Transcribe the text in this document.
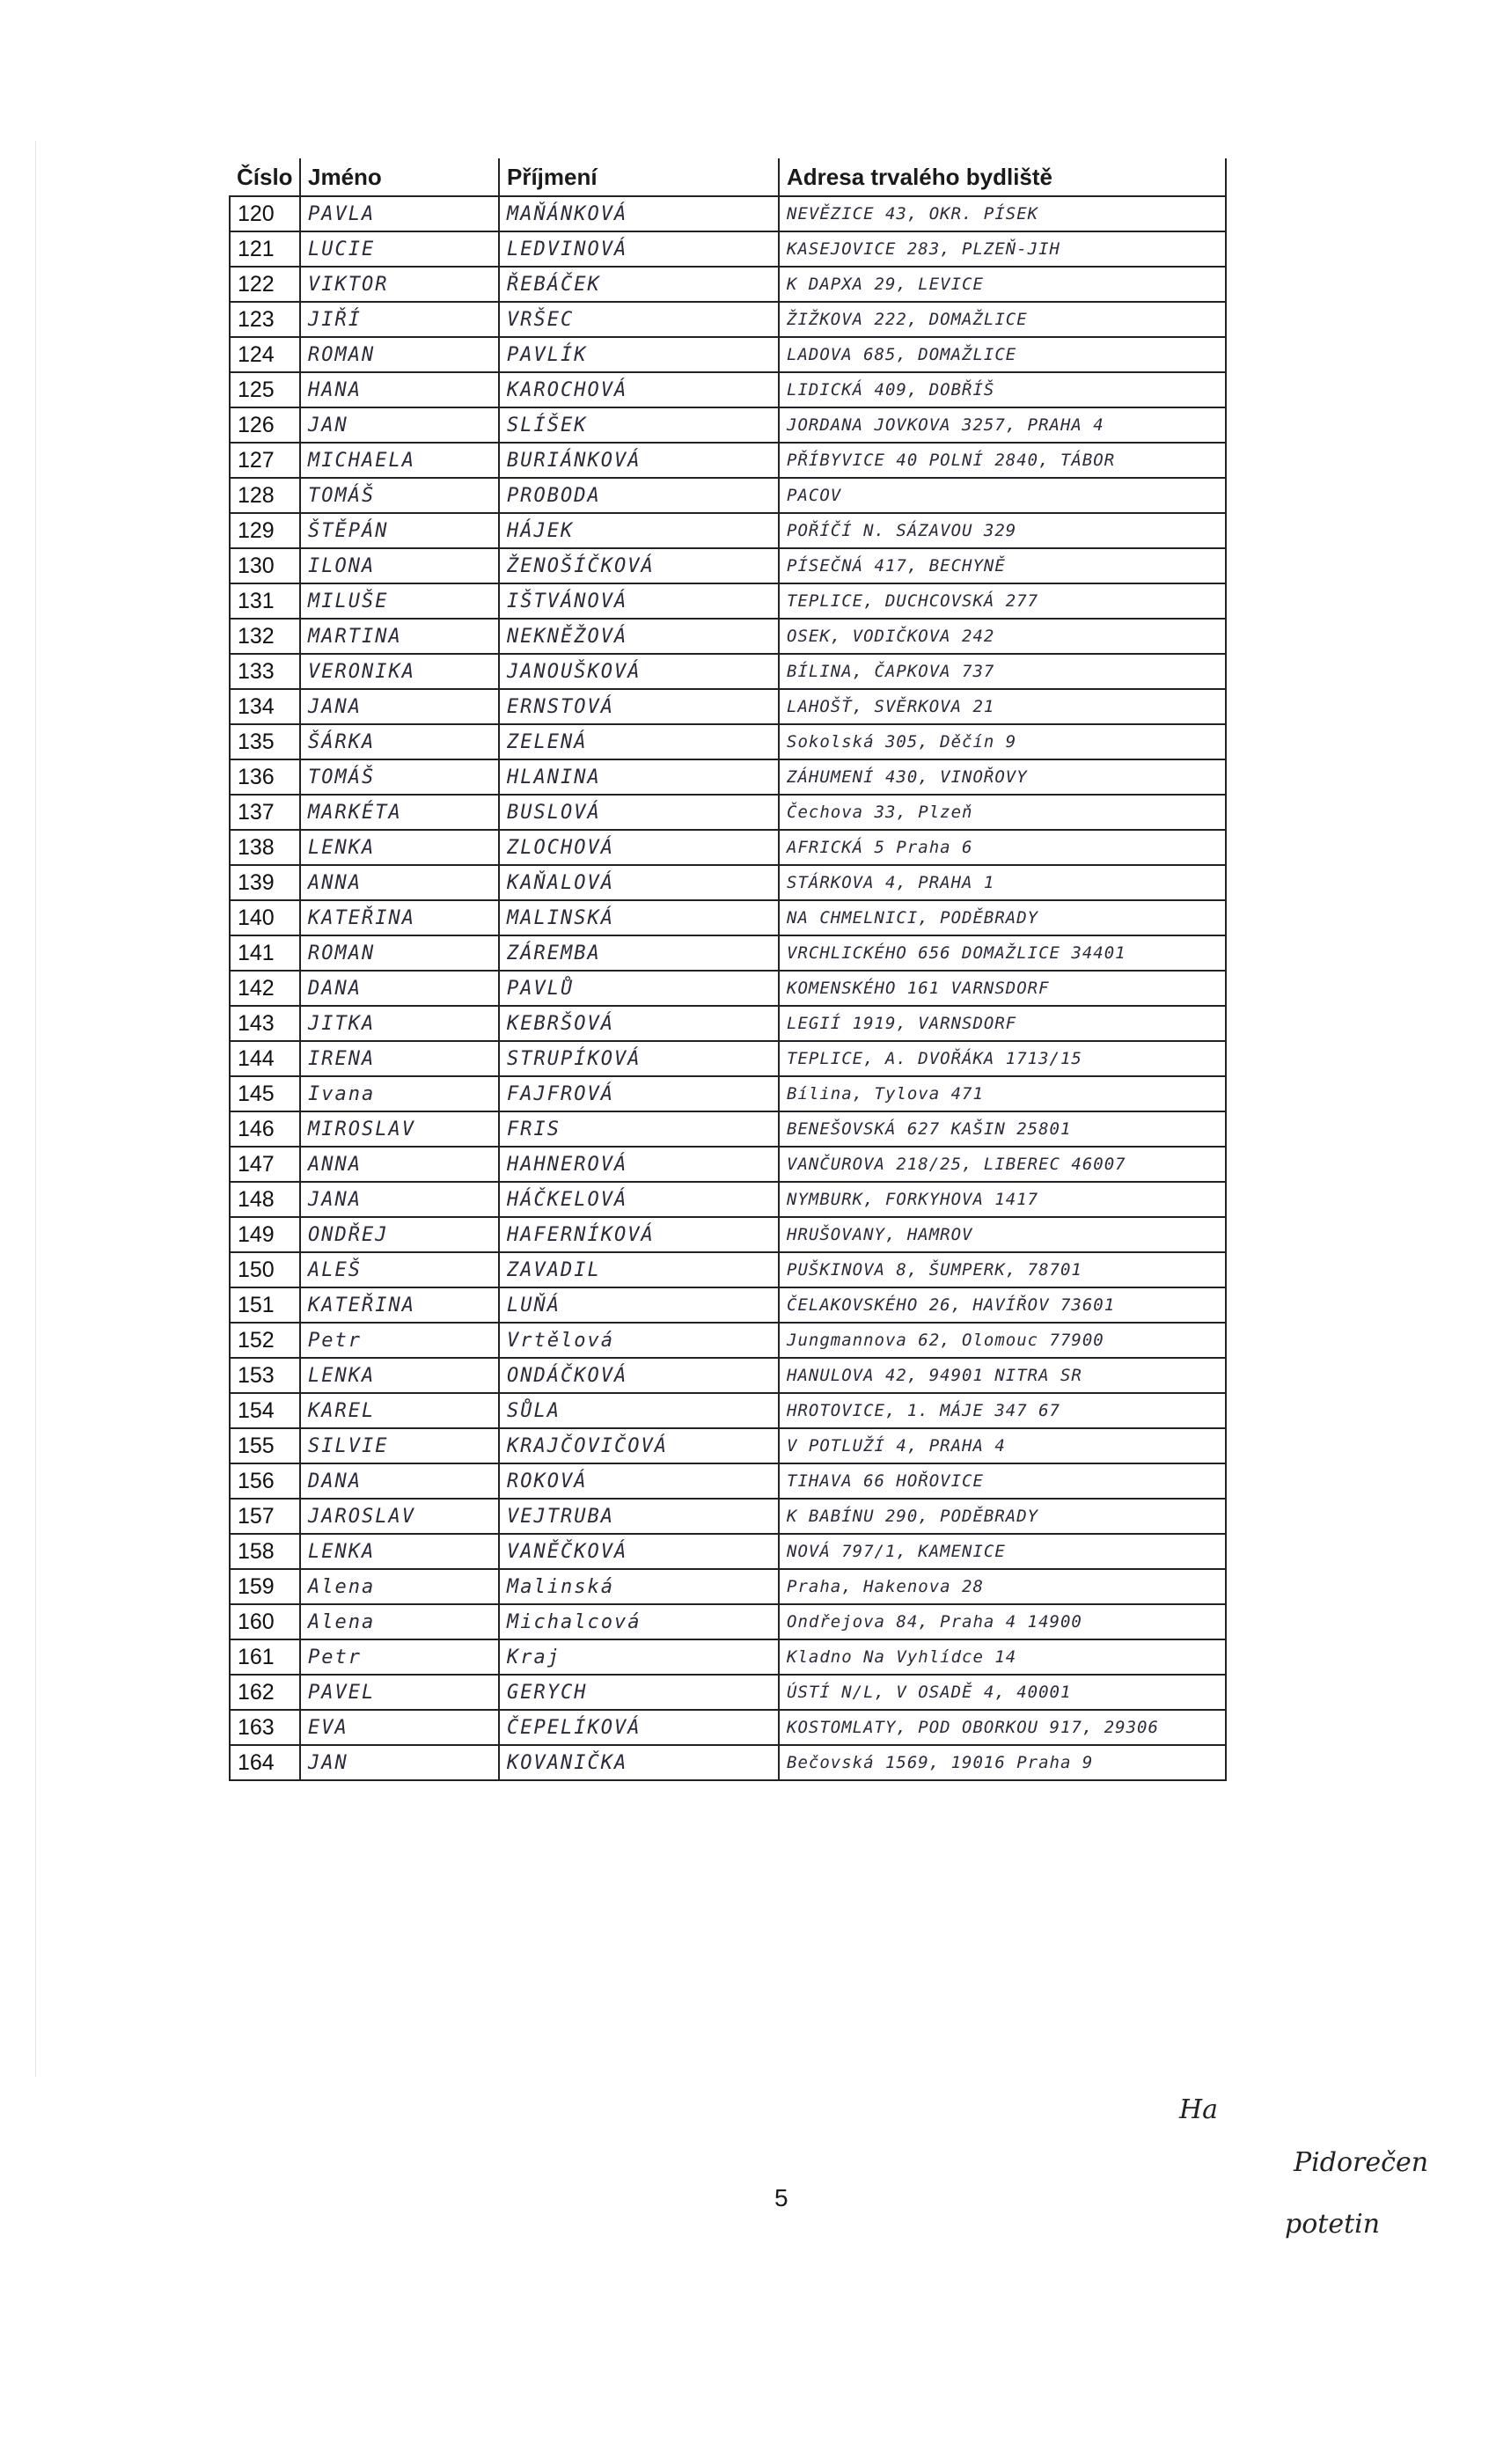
Číslo	Jméno	Příjmení	Adresa trvalého bydliště	
120	PAVLA	MAŇÁNKOVÁ	NEVĚZICE 43, OKR. PÍSEK	
121	LUCIE	LEDVINOVÁ	KASEJOVICE 283, PLZEŇ-JIH	
122	VIKTOR	ŘEBÁČEK	K DAPXA 29, LEVICE	
123	JIŘÍ	VRŠEC	ŽIŽKOVA 222, DOMAŽLICE	
124	ROMAN	PAVLÍK	LADOVA 685, DOMAŽLICE	
125	HANA	KAROCHOVÁ	LIDICKÁ 409, DOBŘÍŠ	
126	JAN	SLÍŠEK	JORDANA JOVKOVA 3257, PRAHA 4	
127	MICHAELA	BURIÁNKOVÁ	PŘÍBYVICE 40 POLNÍ 2840, TÁBOR	
128	TOMÁŠ	PROBODA	PACOV	
129	ŠTĚPÁN	HÁJEK	POŘÍČÍ N. SÁZAVOU 329	
130	ILONA	ŽENOŠÍČKOVÁ	PÍSEČNÁ 417, BECHYNĚ	
131	MILUŠE	IŠTVÁNOVÁ	TEPLICE, DUCHCOVSKÁ 277	
132	MARTINA	NEKNĚŽOVÁ	OSEK, VODIČKOVA 242	
133	VERONIKA	JANOUŠKOVÁ	BÍLINA, ČAPKOVA 737	
134	JANA	ERNSTOVÁ	LAHOŠŤ, SVĚRKOVA 21	
135	ŠÁRKA	ZELENÁ	Sokolská 305, Děčín 9	
136	TOMÁŠ	HLANINA	ZÁHUMENÍ 430, VINOŘOVY	
137	MARKÉTA	BUSLOVÁ	Čechova 33, Plzeň	
138	LENKA	ZLOCHOVÁ	AFRICKÁ 5 Praha 6	
139	ANNA	KAŇALOVÁ	STÁRKOVA 4, PRAHA 1	
140	KATEŘINA	MALINSKÁ	NA CHMELNICI, PODĚBRADY	
141	ROMAN	ZÁREMBA	VRCHLICKÉHO 656 DOMAŽLICE 34401	
142	DANA	PAVLŮ	KOMENSKÉHO 161 VARNSDORF	
143	JITKA	KEBRŠOVÁ	LEGIÍ 1919, VARNSDORF	
144	IRENA	STRUPÍKOVÁ	TEPLICE, A. DVOŘÁKA 1713/15	
145	Ivana	FAJFROVÁ	Bílina, Tylova 471	
146	MIROSLAV	FRIS	BENEŠOVSKÁ 627 KAŠIN 25801	
147	ANNA	HAHNEROVÁ	VANČUROVA 218/25, LIBEREC 46007	
148	JANA	HÁČKELOVÁ	NYMBURK, FORKYHOVA 1417	
149	ONDŘEJ	HAFERNÍKOVÁ	HRUŠOVANY, HAMROV	
150	ALEŠ	ZAVADIL	PUŠKINOVA 8, ŠUMPERK, 78701	
151	KATEŘINA	LUŇÁ	ČELAKOVSKÉHO 26, HAVÍŘOV 73601	
152	Petr	Vrtělová	Jungmannova 62, Olomouc 77900	
153	LENKA	ONDÁČKOVÁ	HANULOVA 42, 94901 NITRA SR	
154	KAREL	SŮLA	HROTOVICE, 1. MÁJE 347 67	
155	SILVIE	KRAJČOVIČOVÁ	V POTLUŽÍ 4, PRAHA 4	
156	DANA	ROKOVÁ	TIHAVA 66 HOŘOVICE	
157	JAROSLAV	VEJTRUBA	K BABÍNU 290, PODĚBRADY	
158	LENKA	VANĚČKOVÁ	NOVÁ 797/1, KAMENICE	
159	Alena	Malinská	Praha, Hakenova 28	
160	Alena	Michalcová	Ondřejova 84, Praha 4 14900	
161	Petr	Kraj	Kladno Na Vyhlídce 14	
162	PAVEL	GERYCH	ÚSTÍ N/L, V OSADĚ 4, 40001	
163	EVA	ČEPELÍKOVÁ	KOSTOMLATY, POD OBORKOU 917, 29306	
164	JAN	KOVANIČKA	Bečovská 1569, 19016 Praha 9	
5
Ha
Pidorečen
potetin
